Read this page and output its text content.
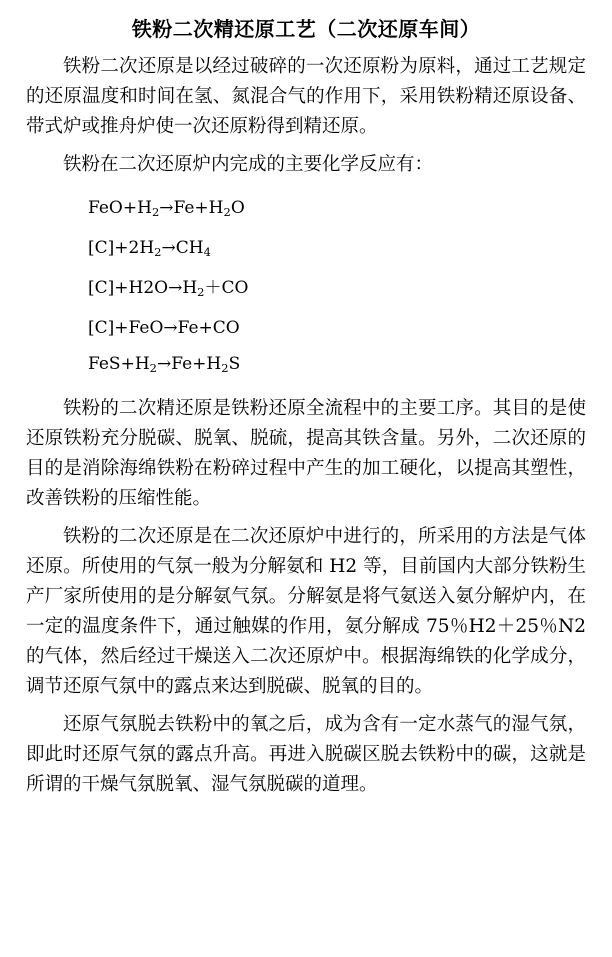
铁粉二次精还原工艺（二次还原车间）

铁粉二次还原是以经过破碎的一次还原粉为原料，通过工艺规定的还原温度和时间在氢、氮混合气的作用下，采用铁粉精还原设备、带式炉或推舟炉使一次还原粉得到精还原。

铁粉在二次还原炉内完成的主要化学反应有：

$FeO+H_2\to Fe+H_2O$
$[C]+2H_2\to CH_4$
$[C]+H2O\to H_2+CO$
[C]+FeO→Fe+CO
$FeS+H_2\to Fe+H_2S$

铁粉的二次精还原是铁粉还原全流程中的主要工序。其目的是使还原铁粉充分脱碳、脱氧、脱硫，提高其铁含量。另外，二次还原的目的是消除海绵铁粉在粉碎过程中产生的加工硬化，以提高其塑性，改善铁粉的压缩性能。

铁粉的二次还原是在二次还原炉中进行的，所采用的方法是气体还原。所使用的气氛一般为分解氨和 H2 等，目前国内大部分铁粉生产厂家所使用的是分解氨气氛。分解氨是将气氨送入氨分解炉内，在一定的温度条件下，通过触媒的作用，氨分解成 75％H2＋25％N2 的气体，然后经过干燥送入二次还原炉中。根据海绵铁的化学成分，调节还原气氛中的露点来达到脱碳、脱氧的目的。

还原气氛脱去铁粉中的氧之后，成为含有一定水蒸气的湿气氛，即此时还原气氛的露点升高。再进入脱碳区脱去铁粉中的碳，这就是所谓的干燥气氛脱氧、湿气氛脱碳的道理。
